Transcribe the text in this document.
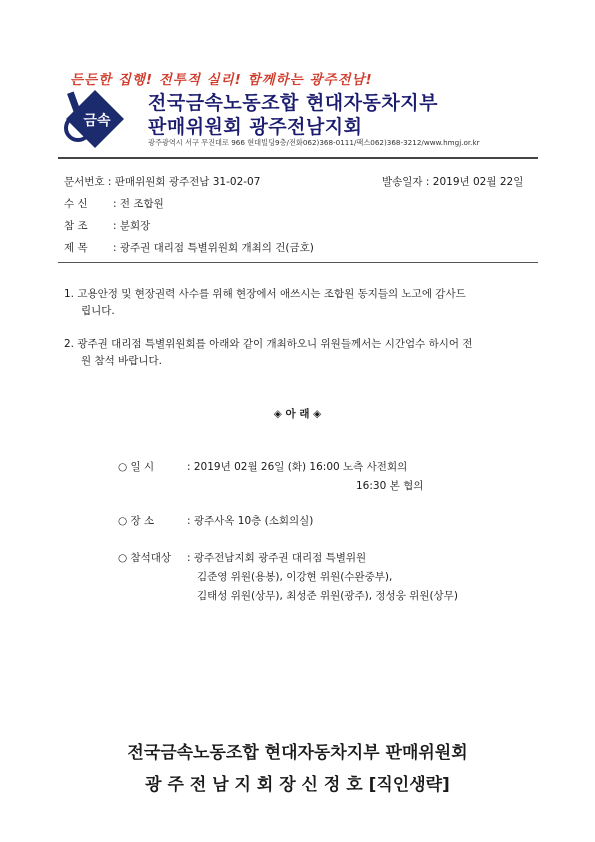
든든한 집행! 전투적 실리! 함께하는 광주전남!
금속
전국금속노동조합 현대자동차지부
판매위원회 광주전남지회
광주광역시 서구 무진대로 966 현대빌딩9층/전화062)368-0111/팩스062)368-3212/www.hmgj.or.kr
문서번호 : 판매위원회 광주전남 31-02-07	발송일자 : 2019년 02월 22일
수 신 : 전 조합원
참 조 : 분회장
제 목 : 광주권 대리점 특별위원회 개최의 건(금호)
1. 고용안정 및 현장권력 사수를 위해 현장에서 애쓰시는 조합원 동지들의 노고에 감사드
립니다.
2. 광주권 대리점 특별위원회를 아래와 같이 개최하오니 위원들께서는 시간엄수 하시어 전
원 참석 바랍니다.
◈ 아 래 ◈
○ 일 시	: 2019년 02월 26일 (화) 16:00 노측 사전회의
16:30 본 협의
○ 장 소	: 광주사옥 10층 (소회의실)
○ 참석대상 : 광주전남지회 광주권 대리점 특별위원
김준영 위원(용봉), 이강현 위원(수완중부),
김태성 위원(상무), 최성준 위원(광주), 정성웅 위원(상무)
전국금속노동조합 현대자동차지부 판매위원회
광 주 전 남 지 회 장 신 정 호 [직인생략]
